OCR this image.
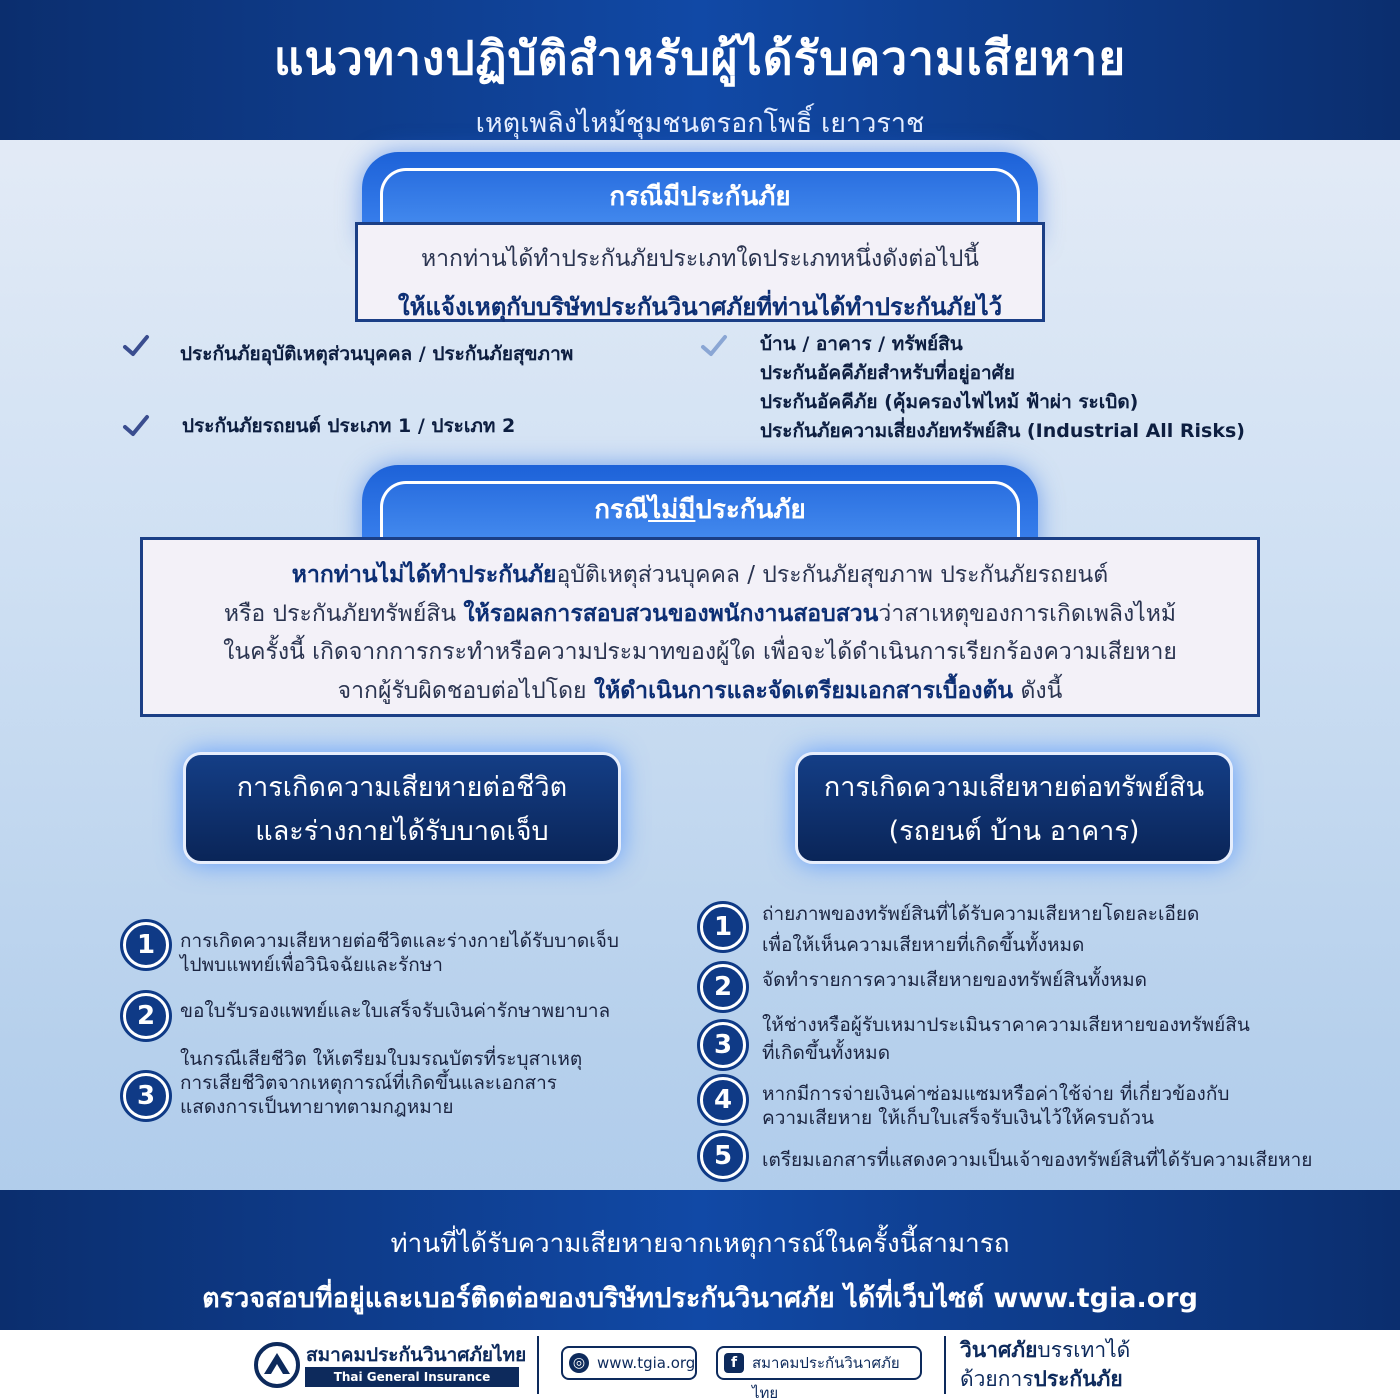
แนวทางปฏิบัติสำหรับผู้ได้รับความเสียหาย
เหตุเพลิงไหม้ชุมชนตรอกโพธิ์ เยาวราช
กรณีมีประกันภัย
หากท่านได้ทำประกันภัยประเภทใดประเภทหนึ่งดังต่อไปนี้
ให้แจ้งเหตุกับบริษัทประกันวินาศภัยที่ท่านได้ทำประกันภัยไว้
ประกันภัยอุบัติเหตุส่วนบุคคล / ประกันภัยสุขภาพ
ประกันภัยรถยนต์ ประเภท 1 / ประเภท 2
บ้าน / อาคาร / ทรัพย์สิน
ประกันอัคคีภัยสำหรับที่อยู่อาศัย
ประกันอัคคีภัย (คุ้มครองไฟไหม้ ฟ้าผ่า ระเบิด)
ประกันภัยความเสี่ยงภัยทรัพย์สิน (Industrial All Risks)
กรณีไม่มีประกันภัย
หากท่านไม่ได้ทำประกันภัยอุบัติเหตุส่วนบุคคล / ประกันภัยสุขภาพ ประกันภัยรถยนต์
หรือ ประกันภัยทรัพย์สิน ให้รอผลการสอบสวนของพนักงานสอบสวนว่าสาเหตุของการเกิดเพลิงไหม้
ในครั้งนี้ เกิดจากการกระทำหรือความประมาทของผู้ใด เพื่อจะได้ดำเนินการเรียกร้องความเสียหาย
จากผู้รับผิดชอบต่อไปโดย ให้ดำเนินการและจัดเตรียมเอกสารเบื้องต้น ดังนี้
การเกิดความเสียหายต่อชีวิต
และร่างกายได้รับบาดเจ็บ
การเกิดความเสียหายต่อทรัพย์สิน
(รถยนต์ บ้าน อาคาร)
1	การเกิดความเสียหายต่อชีวิตและร่างกายได้รับบาดเจ็บ
ไปพบแพทย์เพื่อวินิจฉัยและรักษา
2	ขอใบรับรองแพทย์และใบเสร็จรับเงินค่ารักษาพยาบาล
3
ในกรณีเสียชีวิต ให้เตรียมใบมรณบัตรที่ระบุสาเหตุ
การเสียชีวิตจากเหตุการณ์ที่เกิดขึ้นและเอกสาร
แสดงการเป็นทายาทตามกฎหมาย
1	ถ่ายภาพของทรัพย์สินที่ได้รับความเสียหายโดยละเอียด
เพื่อให้เห็นความเสียหายที่เกิดขึ้นทั้งหมด
2	จัดทำรายการความเสียหายของทรัพย์สินทั้งหมด
3
ให้ช่างหรือผู้รับเหมาประเมินราคาความเสียหายของทรัพย์สิน
ที่เกิดขึ้นทั้งหมด
4	หากมีการจ่ายเงินค่าซ่อมแซมหรือค่าใช้จ่าย ที่เกี่ยวข้องกับ
ความเสียหาย ให้เก็บใบเสร็จรับเงินไว้ให้ครบถ้วน
5	เตรียมเอกสารที่แสดงความเป็นเจ้าของทรัพย์สินที่ได้รับความเสียหาย
ท่านที่ได้รับความเสียหายจากเหตุการณ์ในครั้งนี้สามารถ
ตรวจสอบที่อยู่และเบอร์ติดต่อของบริษัทประกันวินาศภัย ได้ที่เว็บไซต์ www.tgia.org
สมาคมประกันวินาศภัยไทย
Thai General Insurance Association
◎ www.tgia.org	f สมาคมประกันวินาศภัยไทย
วินาศภัยบรรเทาได้
ด้วยการประกันภัย
